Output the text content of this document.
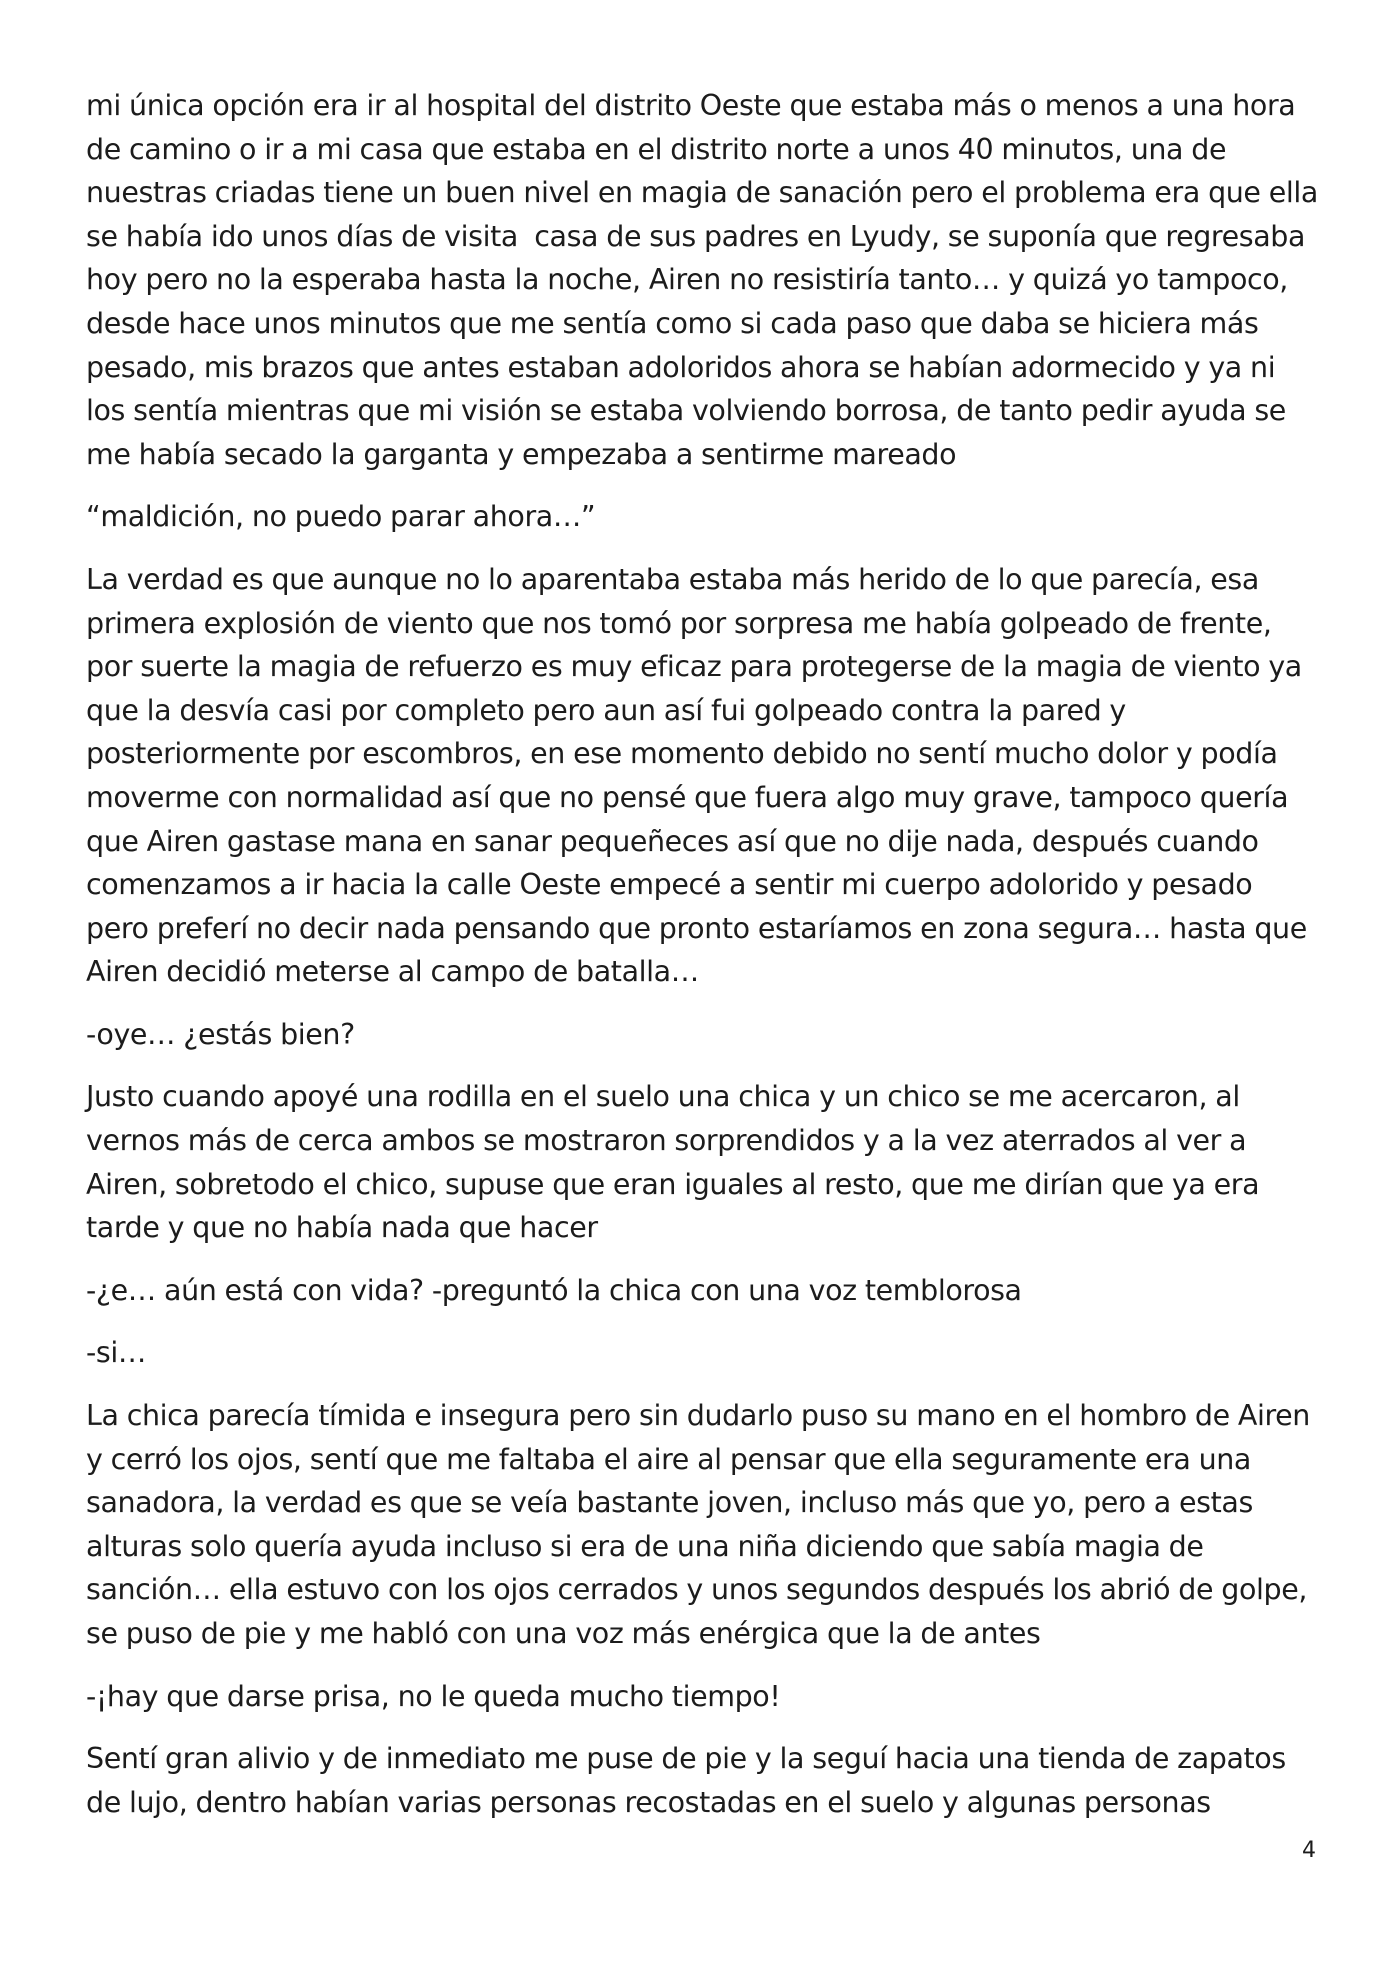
mi única opción era ir al hospital del distrito Oeste que estaba más o menos a una hora de camino o ir a mi casa que estaba en el distrito norte a unos 40 minutos, una de nuestras criadas tiene un buen nivel en magia de sanación pero el problema era que ella se había ido unos días de visita  casa de sus padres en Lyudy, se suponía que regresaba hoy pero no la esperaba hasta la noche, Airen no resistiría tanto… y quizá yo tampoco, desde hace unos minutos que me sentía como si cada paso que daba se hiciera más pesado, mis brazos que antes estaban adoloridos ahora se habían adormecido y ya ni los sentía mientras que mi visión se estaba volviendo borrosa, de tanto pedir ayuda se me había secado la garganta y empezaba a sentirme mareado

“maldición, no puedo parar ahora…”

La verdad es que aunque no lo aparentaba estaba más herido de lo que parecía, esa primera explosión de viento que nos tomó por sorpresa me había golpeado de frente, por suerte la magia de refuerzo es muy eficaz para protegerse de la magia de viento ya que la desvía casi por completo pero aun así fui golpeado contra la pared y posteriormente por escombros, en ese momento debido no sentí mucho dolor y podía moverme con normalidad así que no pensé que fuera algo muy grave, tampoco quería que Airen gastase mana en sanar pequeñeces así que no dije nada, después cuando comenzamos a ir hacia la calle Oeste empecé a sentir mi cuerpo adolorido y pesado pero preferí no decir nada pensando que pronto estaríamos en zona segura… hasta que Airen decidió meterse al campo de batalla…

-oye… ¿estás bien?

Justo cuando apoyé una rodilla en el suelo una chica y un chico se me acercaron, al vernos más de cerca ambos se mostraron sorprendidos y a la vez aterrados al ver a Airen, sobretodo el chico, supuse que eran iguales al resto, que me dirían que ya era tarde y que no había nada que hacer

-¿e… aún está con vida? -preguntó la chica con una voz temblorosa

-si…

La chica parecía tímida e insegura pero sin dudarlo puso su mano en el hombro de Airen y cerró los ojos, sentí que me faltaba el aire al pensar que ella seguramente era una sanadora, la verdad es que se veía bastante joven, incluso más que yo, pero a estas alturas solo quería ayuda incluso si era de una niña diciendo que sabía magia de sanción… ella estuvo con los ojos cerrados y unos segundos después los abrió de golpe, se puso de pie y me habló con una voz más enérgica que la de antes

-¡hay que darse prisa, no le queda mucho tiempo!

Sentí gran alivio y de inmediato me puse de pie y la seguí hacia una tienda de zapatos de lujo, dentro habían varias personas recostadas en el suelo y algunas personas

4
